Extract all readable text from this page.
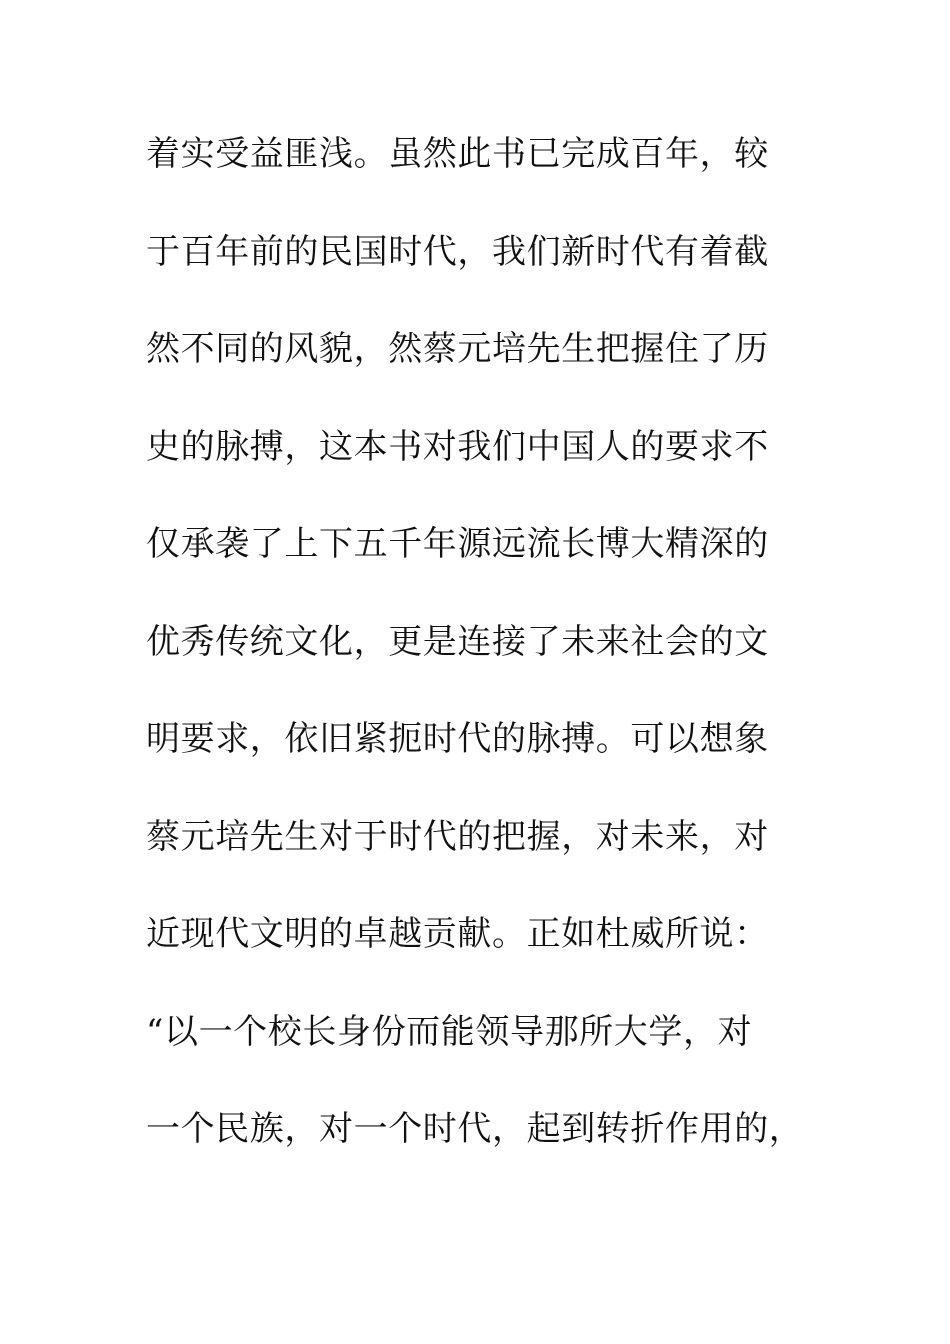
着实受益匪浅。虽然此书已完成百年，较
于百年前的民国时代，我们新时代有着截
然不同的风貌，然蔡元培先生把握住了历
史的脉搏，这本书对我们中国人的要求不
仅承袭了上下五千年源远流长博大精深的
优秀传统文化，更是连接了未来社会的文
明要求，依旧紧扼时代的脉搏。可以想象
蔡元培先生对于时代的把握，对未来，对
近现代文明的卓越贡献。正如杜威所说：
“以一个校长身份而能领导那所大学，对
一个民族，对一个时代，起到转折作用的，
